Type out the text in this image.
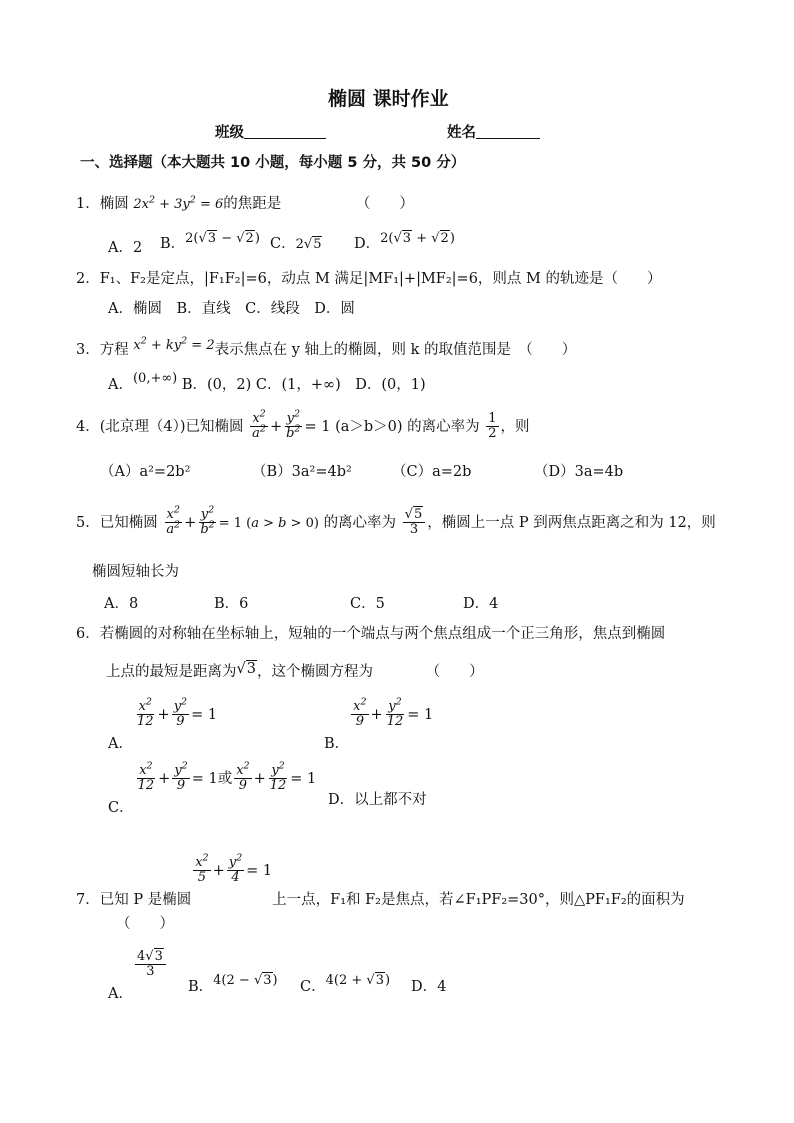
椭圆 课时作业
班级	姓名
一、选择题（本大题共 10 小题，每小题 5 分，共 50 分）
1．椭圆 $2x^2 + 3y^2 = 6$的焦距是	（　　）
A．2 B．2( √ 3 − √ 2) C．2 √ 5 D．2( √ 3 + √ 2)
2．F₁、F₂是定点，|F₁F₂|=6，动点 M 满足|MF₁|+|MF₂|=6，则点 M 的轨迹是（　　）
A．椭圆　B．直线　C．线段　D．圆
3．方程 $x^2 + ky^2 = 2$表示焦点在 y 轴上的椭圆，则 k 的取值范围是　（　　）
A．(0,+∞) B．(0，2) C．(1，+∞)　D．(0，1)
4．(北京理（4）)已知椭圆 $\frac{x^2}{a^2} + \frac{y^2}{b^2} = 1$ (a＞b＞0) 的离心率为 $\frac{1}{2}$ ，则
（A）a²=2b²	（B）3a²=4b²	（C）a=2b	（D）3a=4b
5．已知椭圆 $\frac{x^2}{a^2} + \frac{y^2}{b^2} = 1$ (a > b > 0) 的离心率为 √ $\frac{5}{3}$ ，椭圆上一点 P 到两焦点距离之和为 12，则
椭圆短轴长为
A．8	B．6	C．5	D．4
6．若椭圆的对称轴在坐标轴上，短轴的一个端点与两个焦点组成一个正三角形，焦点到椭圆
上点的最短是距离为 √ 3，这个椭圆方程为	（　　）
A．
$\frac{x^2}{12} + \frac{y^2}{9} = 1$
B．
$\frac{x^2}{9} + \frac{y^2}{12} = 1$
C．
$\frac{x^2}{12} + \frac{y^2}{9} = 1$或 $\frac{x^2}{9} + \frac{y^2}{12} = 1$
D．以上都不对
7．已知 P 是椭圆
$\frac{x^2}{5} + \frac{y^2}{4} = 1$上一点，F₁和 F₂是焦点，若∠F₁PF₂=30°，则△PF₁F₂的面积为
（　　）
A．
$\frac{4 √ 3}{3}$
B．4(2 − √ 3) C．4(2 + √ 3) D．4
